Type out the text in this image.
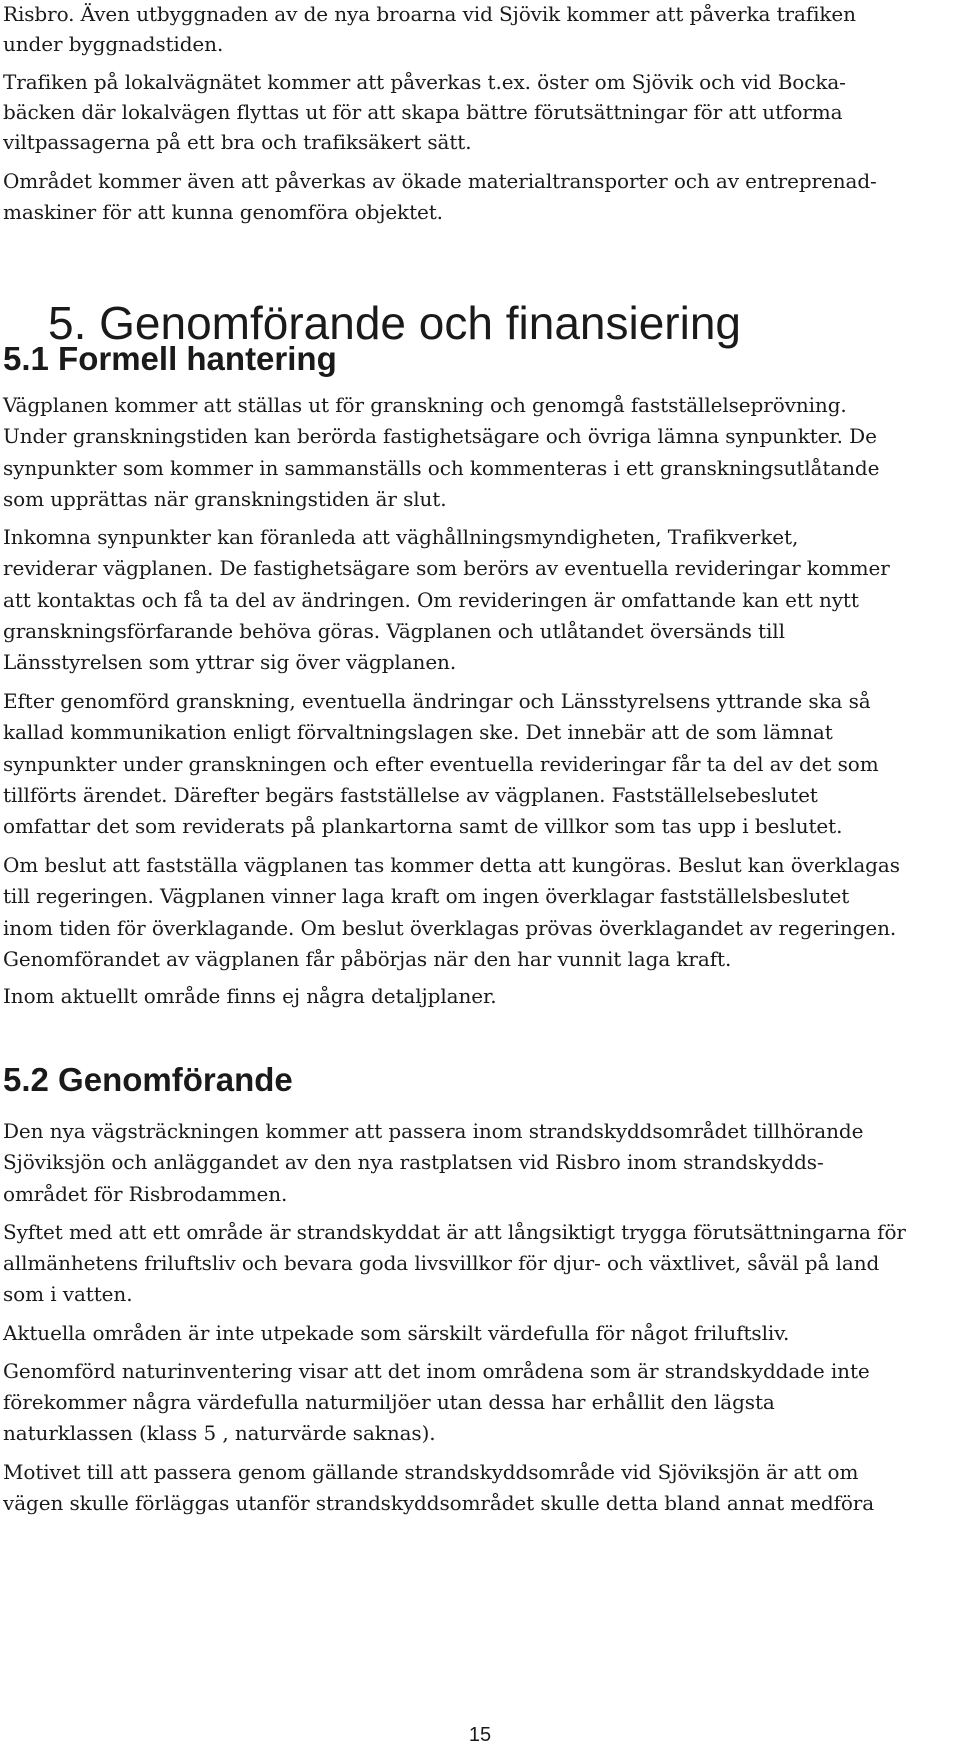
Risbro. Även utbyggnaden av de nya broarna vid Sjövik kommer att påverka trafiken
under byggnadstiden.
Trafiken på lokalvägnätet kommer att påverkas t.ex. öster om Sjövik och vid Bocka-
bäcken där lokalvägen flyttas ut för att skapa bättre förutsättningar för att utforma
viltpassagerna på ett bra och trafiksäkert sätt.
Området kommer även att påverkas av ökade materialtransporter och av entreprenad-
maskiner för att kunna genomföra objektet.
5. Genomförande och finansiering
5.1 Formell hantering
Vägplanen kommer att ställas ut för granskning och genomgå fastställelseprövning.
Under granskningstiden kan berörda fastighetsägare och övriga lämna synpunkter. De
synpunkter som kommer in sammanställs och kommenteras i ett granskningsutlåtande
som upprättas när granskningstiden är slut.
Inkomna synpunkter kan föranleda att väghållningsmyndigheten, Trafikverket,
reviderar vägplanen. De fastighetsägare som berörs av eventuella revideringar kommer
att kontaktas och få ta del av ändringen. Om revideringen är omfattande kan ett nytt
granskningsförfarande behöva göras. Vägplanen och utlåtandet översänds till
Länsstyrelsen som yttrar sig över vägplanen.
Efter genomförd granskning, eventuella ändringar och Länsstyrelsens yttrande ska så
kallad kommunikation enligt förvaltningslagen ske. Det innebär att de som lämnat
synpunkter under granskningen och efter eventuella revideringar får ta del av det som
tillförts ärendet. Därefter begärs fastställelse av vägplanen. Fastställelsebeslutet
omfattar det som reviderats på plankartorna samt de villkor som tas upp i beslutet.
Om beslut att fastställa vägplanen tas kommer detta att kungöras. Beslut kan överklagas
till regeringen. Vägplanen vinner laga kraft om ingen överklagar fastställelsbeslutet
inom tiden för överklagande. Om beslut överklagas prövas överklagandet av regeringen.
Genomförandet av vägplanen får påbörjas när den har vunnit laga kraft.
Inom aktuellt område finns ej några detaljplaner.
5.2 Genomförande
Den nya vägsträckningen kommer att passera inom strandskyddsområdet tillhörande
Sjöviksjön och anläggandet av den nya rastplatsen vid Risbro inom strandskydds-
området för Risbrodammen.
Syftet med att ett område är strandskyddat är att långsiktigt trygga förutsättningarna för
allmänhetens friluftsliv och bevara goda livsvillkor för djur- och växtlivet, såväl på land
som i vatten.
Aktuella områden är inte utpekade som särskilt värdefulla för något friluftsliv.
Genomförd naturinventering visar att det inom områdena som är strandskyddade inte
förekommer några värdefulla naturmiljöer utan dessa har erhållit den lägsta
naturklassen (klass 5 , naturvärde saknas).
Motivet till att passera genom gällande strandskyddsområde vid Sjöviksjön är att om
vägen skulle förläggas utanför strandskyddsområdet skulle detta bland annat medföra
15
